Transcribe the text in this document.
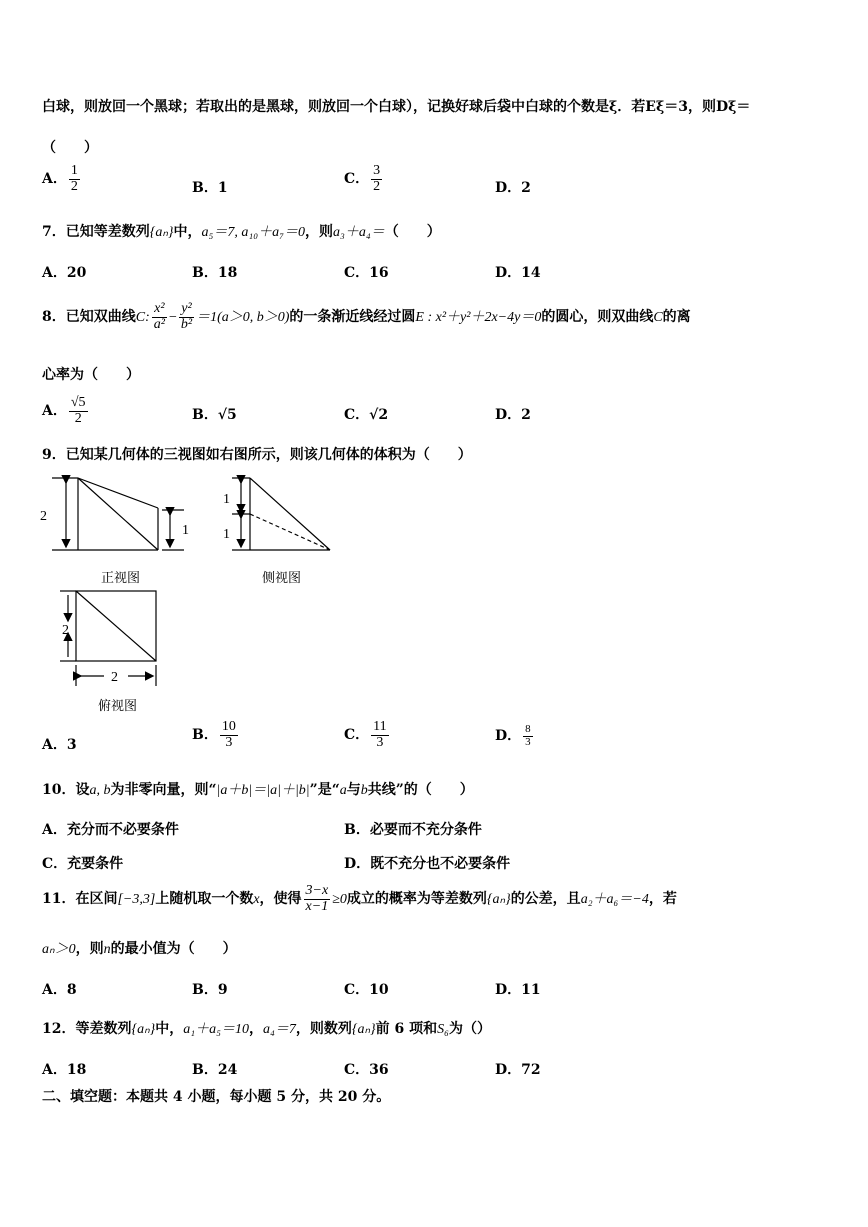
白球，则放回一个黑球；若取出的是黑球，则放回一个白球），记换好球后袋中白球的个数是ξ．若Eξ＝3，则Dξ＝
（　　）
A． $\frac{1}{2}$	B．1
C． $\frac{3}{2}$	D．2
7．已知等差数列{aₙ}中，a₅＝7, a₁₀＋a₇＝0，则a₃＋a₄＝（　　）
A．20	B．18	C．16	D．14
8．已知双曲线C: $\frac{\text{x²}}{\text{a²}} - \frac{\text{y²}}{\text{b²}} =1(a>0$, b＞0)的一条渐近线经过圆E : x²＋y²＋2x−4y＝0的圆心，则双曲线C的离
心率为（　　）
A． $\frac{√5}{2}$	B．√5	C．√2	D．2
9．已知某几何体的三视图如右图所示，则该几何体的体积为（　　）
2
1
1
1
2
2
正视图	侧视图
俯视图
A．3
B． $\frac{10}{3}$	C． $\frac{11}{3}$	D． $\frac{8}{3}$
10．设a, b为非零向量，则“|a＋b|＝|a|＋|b|”是“a与b共线”的（　　）
A．充分而不必要条件	B．必要而不充分条件
C．充要条件	D．既不充分也不必要条件
11．在区间[−3,3]上随机取一个数x，使得 $\frac{3-x}{x-1} \ge 0$成立的概率为等差数列{aₙ}的公差，且a₂＋a₆＝−4，若
aₙ＞0，则n的最小值为（　　）
A．8	B．9	C．10	D．11
12．等差数列{aₙ}中，a₁＋a₅＝10，a₄＝7，则数列{aₙ}前 6 项和S₆为（）
A．18	B．24	C．36	D．72
二、填空题：本题共 4 小题，每小题 5 分，共 20 分。
